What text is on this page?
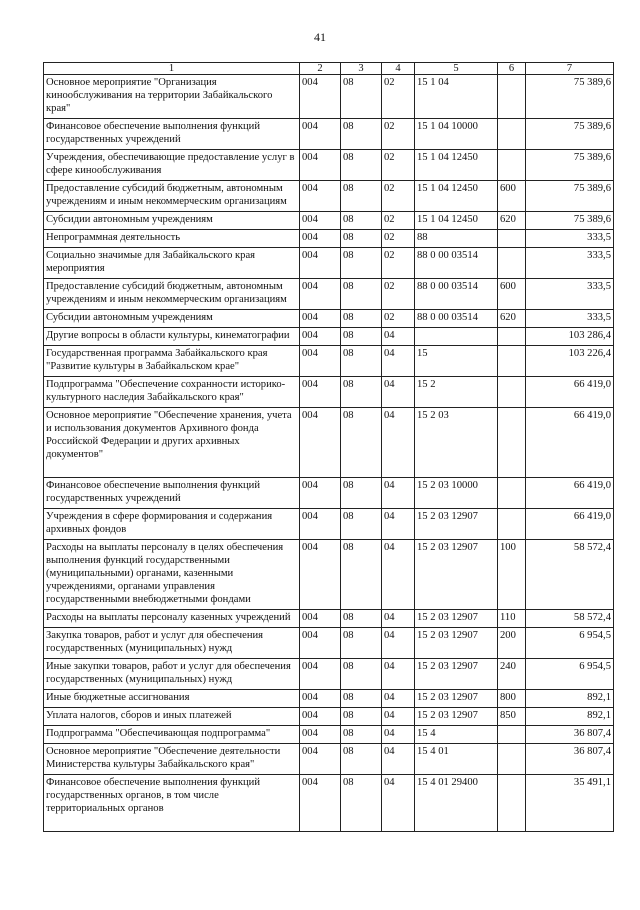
41
1	2	3	4	5	6	7
Основное мероприятие "Организация кинообслуживания на территории Забайкальского края"	004	08	02	15 1 04		75 389,6
Финансовое обеспечение выполнения функций государственных учреждений	004	08	02	15 1 04 10000		75 389,6
Учреждения, обеспечивающие предоставление услуг в сфере кинообслуживания	004	08	02	15 1 04 12450		75 389,6
Предоставление субсидий бюджетным, автономным учреждениям и иным некоммерческим организациям	004	08	02	15 1 04 12450	600	75 389,6
Субсидии автономным учреждениям	004	08	02	15 1 04 12450	620	75 389,6
Непрограммная деятельность	004	08	02	88		333,5
Социально значимые для Забайкальского края мероприятия	004	08	02	88 0 00 03514		333,5
Предоставление субсидий бюджетным, автономным учреждениям и иным некоммерческим организациям	004	08	02	88 0 00 03514	600	333,5
Субсидии автономным учреждениям	004	08	02	88 0 00 03514	620	333,5
Другие вопросы в области культуры, кинематографии	004	08	04			103 286,4
Государственная программа Забайкальского края "Развитие культуры в Забайкальском крае"	004	08	04	15		103 226,4
Подпрограмма "Обеспечение сохранности историко-культурного наследия Забайкальского края"	004	08	04	15 2		66 419,0
Основное мероприятие "Обеспечение хранения, учета и использования документов Архивного фонда Российской Федерации и других архивных документов"	004	08	04	15 2 03		66 419,0
Финансовое обеспечение выполнения функций государственных учреждений	004	08	04	15 2 03 10000		66 419,0
Учреждения в сфере формирования и содержания архивных фондов	004	08	04	15 2 03 12907		66 419,0
Расходы на выплаты персоналу в целях обеспечения выполнения функций государственными (муниципальными) органами, казенными учреждениями, органами управления государственными внебюджетными фондами	004	08	04	15 2 03 12907	100	58 572,4
Расходы на выплаты персоналу казенных учреждений	004	08	04	15 2 03 12907	110	58 572,4
Закупка товаров, работ и услуг для обеспечения государственных (муниципальных) нужд	004	08	04	15 2 03 12907	200	6 954,5
Иные закупки товаров, работ и услуг для обеспечения государственных (муниципальных) нужд	004	08	04	15 2 03 12907	240	6 954,5
Иные бюджетные ассигнования	004	08	04	15 2 03 12907	800	892,1
Уплата налогов, сборов и иных платежей	004	08	04	15 2 03 12907	850	892,1
Подпрограмма "Обеспечивающая подпрограмма"	004	08	04	15 4		36 807,4
Основное мероприятие "Обеспечение деятельности Министерства культуры Забайкальского края"	004	08	04	15 4 01		36 807,4
Финансовое обеспечение выполнения функций государственных органов, в том числе территориальных органов	004	08	04	15 4 01 29400		35 491,1
